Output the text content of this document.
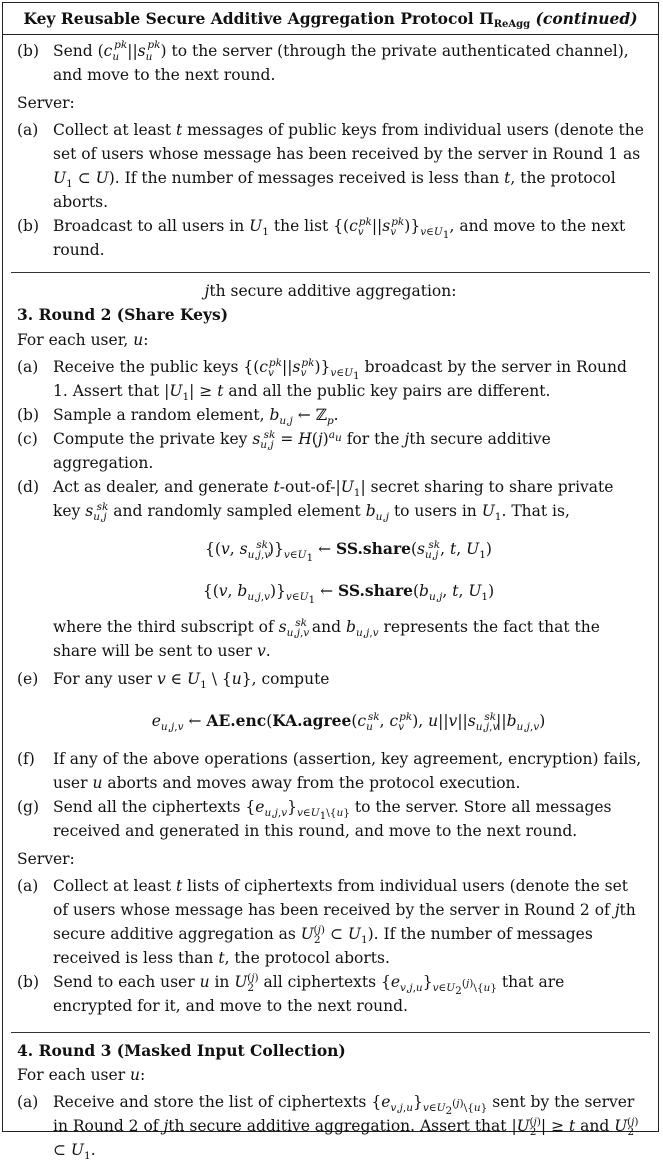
Key Reusable Secure Additive Aggregation Protocol $\Pi_{ReAgg}$ (continued)
(b) Send $(c_u^{pk}||s_u^{pk})$ to the server (through the private authenticated channel), and move to the next round.
Server:
(a) Collect at least t messages of public keys from individual users (denote the set of users whose message has been received by the server in Round 1 as $U_1$ ⊂ U). If the number of messages received is less than t, the protocol aborts.
(b) Broadcast to all users in $U_1$ the list $\{(c_v^{pk}||s_v^{pk})\}_{v\in U_1}$, and move to the next round.
jth secure additive aggregation:
3. Round 2 (Share Keys)
For each user, u:
(a) Receive the public keys $\{(c_v^{pk}||s_v^{pk})\}_{v\in U_1}$ broadcast by the server in Round 1. Assert that $|U_1| \ge t$ and all the public key pairs are different.
(b) Sample a random element, $b_{u,j}$ ← ℤ$_p$.
(c) Compute the private key $s_{u,j}^{sk} = H(j)^{a_u}$ for the jth secure additive aggregation.
(d) Act as dealer, and generate $t-out-of-|U_1|$ secret sharing to share private key $s_{u,j}^{sk}$ and randomly sampled element $b_{u,j}$ to users in $U_1$. That is,
{(v, $s_{u,j,v}^{sk})\}_{v\in U_1}$ ← $SS.share(s_{u,j}^{sk}$, t, $U_1$)
{(v, $b_{u,j,v})\}_{v\in U_1}$ ← $SS.share(b_{u,j}$, t, $U_1$)
where the third subscript of $s_{u,j,v}^{sk}$ and $b_{u,j,v}$ represents the fact that the share will be sent to user v.
(e) For any user v ∈ $U_1$ \ {u}, compute
$e_{u,j,v}$ ← $AE.enc(KA.agree(c_u^{sk}$, $c_v^{pk}$), $u||v||s_{u,j,v}^{sk}||b_{u,j,v}$)
(f) If any of the above operations (assertion, key agreement, encryption) fails, user u aborts and moves away from the protocol execution.
(g) Send all the ciphertexts $\{e_{u,j,v}\}_{v\in U_1\backslash\{u\}}$ to the server. Store all messages received and generated in this round, and move to the next round.
Server:
(a) Collect at least t lists of ciphertexts from individual users (denote the set of users whose message has been received by the server in Round 2 of jth secure additive aggregation as $U_2^{(j)}$ ⊂ $U_1$). If the number of messages received is less than t, the protocol aborts.
(b) Send to each user u in $U_2^{(j)}$ all ciphertexts $\{e_{v,j,u}\}_{v\in U_2^{(j)}\backslash\{u\}}$ that are encrypted for it, and move to the next round.
4. Round 3 (Masked Input Collection)
For each user u:
(a) Receive and store the list of ciphertexts $\{e_{v,j,u}\}_{v\in U_2^{(j)}\backslash\{u\}}$ sent by the server in Round 2 of jth secure additive aggregation. Assert that $|U_2^{(j)}| \ge t$ and $U_2^{(j)}$ ⊂ $U_1$.
